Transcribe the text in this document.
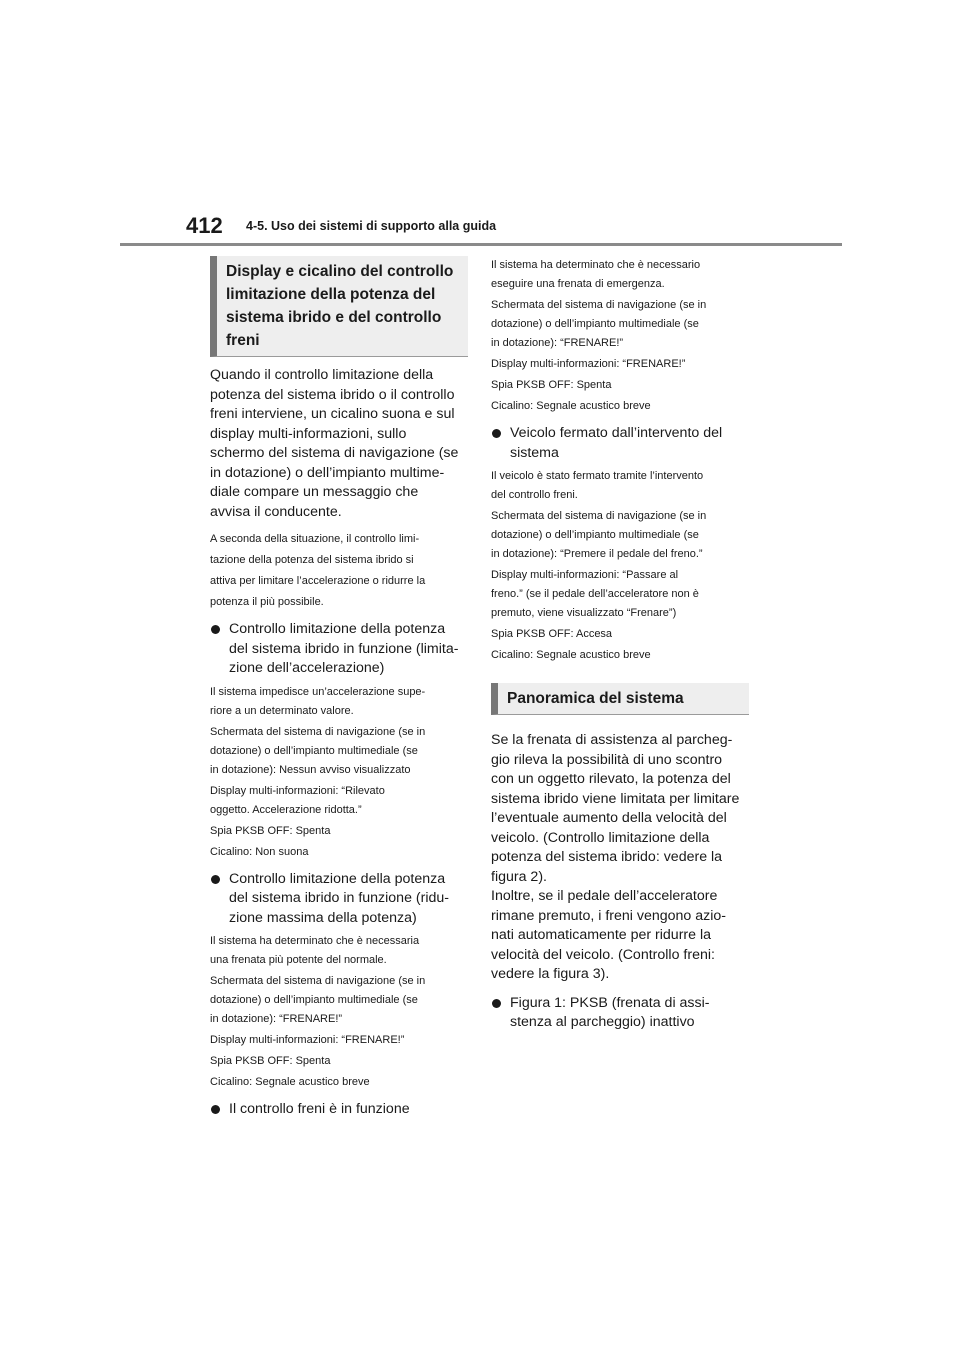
412 4-5. Uso dei sistemi di supporto alla guida
Display e cicalino del controllo
limitazione della potenza del
sistema ibrido e del controllo
freni
Quando il controllo limitazione della
potenza del sistema ibrido o il controllo
freni interviene, un cicalino suona e sul
display multi-informazioni, sullo
schermo del sistema di navigazione (se
in dotazione) o dell’impianto multime-
diale compare un messaggio che
avvisa il conducente.
A seconda della situazione, il controllo limi-
tazione della potenza del sistema ibrido si
attiva per limitare l’accelerazione o ridurre la
potenza il più possibile.
Controllo limitazione della potenza
del sistema ibrido in funzione (limita-
zione dell’accelerazione)
Il sistema impedisce un’accelerazione supe-
riore a un determinato valore.
Schermata del sistema di navigazione (se in
dotazione) o dell’impianto multimediale (se
in dotazione): Nessun avviso visualizzato
Display multi-informazioni: “Rilevato
oggetto. Accelerazione ridotta.”
Spia PKSB OFF: Spenta
Cicalino: Non suona
Controllo limitazione della potenza
del sistema ibrido in funzione (ridu-
zione massima della potenza)
Il sistema ha determinato che è necessaria
una frenata più potente del normale.
Schermata del sistema di navigazione (se in
dotazione) o dell’impianto multimediale (se
in dotazione): “FRENARE!”
Display multi-informazioni: “FRENARE!”
Spia PKSB OFF: Spenta
Cicalino: Segnale acustico breve
Il controllo freni è in funzione
Il sistema ha determinato che è necessario
eseguire una frenata di emergenza.
Schermata del sistema di navigazione (se in
dotazione) o dell’impianto multimediale (se
in dotazione): “FRENARE!”
Display multi-informazioni: “FRENARE!”
Spia PKSB OFF: Spenta
Cicalino: Segnale acustico breve
Veicolo fermato dall’intervento del
sistema
Il veicolo è stato fermato tramite l’intervento
del controllo freni.
Schermata del sistema di navigazione (se in
dotazione) o dell’impianto multimediale (se
in dotazione): “Premere il pedale del freno.”
Display multi-informazioni: “Passare al
freno.” (se il pedale dell’acceleratore non è
premuto, viene visualizzato “Frenare”)
Spia PKSB OFF: Accesa
Cicalino: Segnale acustico breve
Panoramica del sistema
Se la frenata di assistenza al parcheg-
gio rileva la possibilità di uno scontro
con un oggetto rilevato, la potenza del
sistema ibrido viene limitata per limitare
l’eventuale aumento della velocità del
veicolo. (Controllo limitazione della
potenza del sistema ibrido: vedere la
figura 2).
Inoltre, se il pedale dell’acceleratore
rimane premuto, i freni vengono azio-
nati automaticamente per ridurre la
velocità del veicolo. (Controllo freni:
vedere la figura 3).
Figura 1: PKSB (frenata di assi-
stenza al parcheggio) inattivo
